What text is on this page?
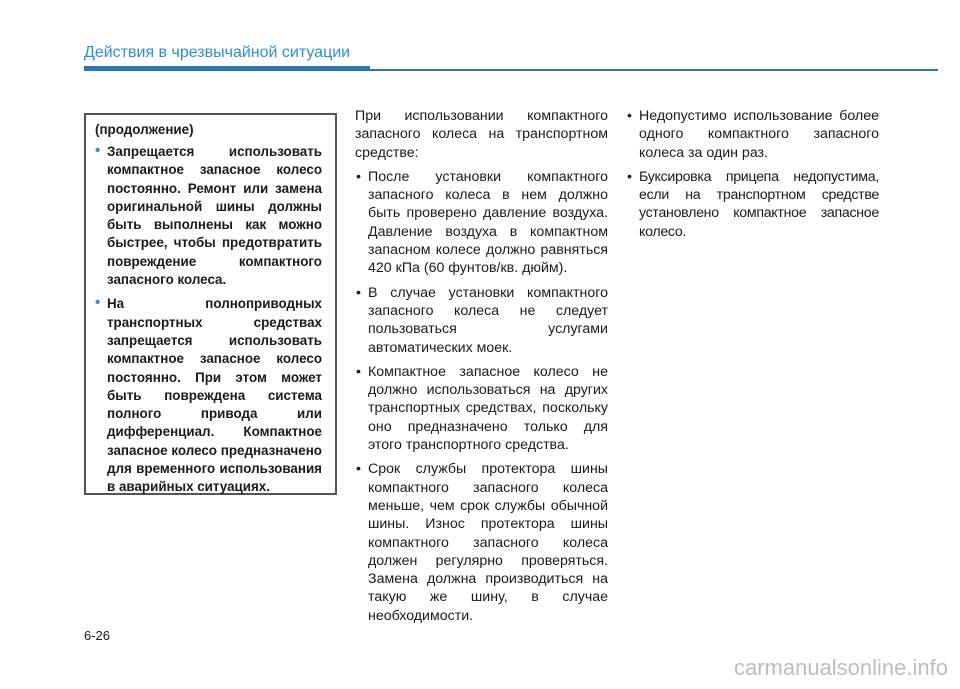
Действия в чрезвычайной ситуации
(продолжение)
• Запрещается использовать компактное запасное колесо постоянно. Ремонт или замена оригинальной шины должны быть выполнены как можно быстрее, чтобы предотвратить повреждение компактного запасного колеса.
• На полноприводных транспортных средствах запрещается использовать компактное запасное колесо постоянно. При этом может быть повреждена система полного привода или дифференциал. Компактное запасное колесо предназначено для временного использования в аварийных ситуациях.

При использовании компактного запасного колеса на транспортном средстве:

• После установки компактного запасного колеса в нем должно быть проверено давление воздуха. Давление воздуха в компактном запасном колесе должно равняться 420 кПа (60 фунтов/кв. дюйм).
• В случае установки компактного запасного колеса не следует пользоваться услугами автоматических моек.
• Компактное запасное колесо не должно использоваться на других транспортных средствах, поскольку оно предназначено только для этого транспортного средства.
• Срок службы протектора шины компактного запасного колеса меньше, чем срок службы обычной шины. Износ протектора шины компактного запасного колеса должен регулярно проверяться. Замена должна производиться на такую же шину, в случае необходимости.
• Недопустимо использование более одного компактного запасного колеса за один раз.
• Буксировка прицепа недопустима, если на транспортном средстве установлено компактное запасное колесо.
6-26
carmanualsonline.info
